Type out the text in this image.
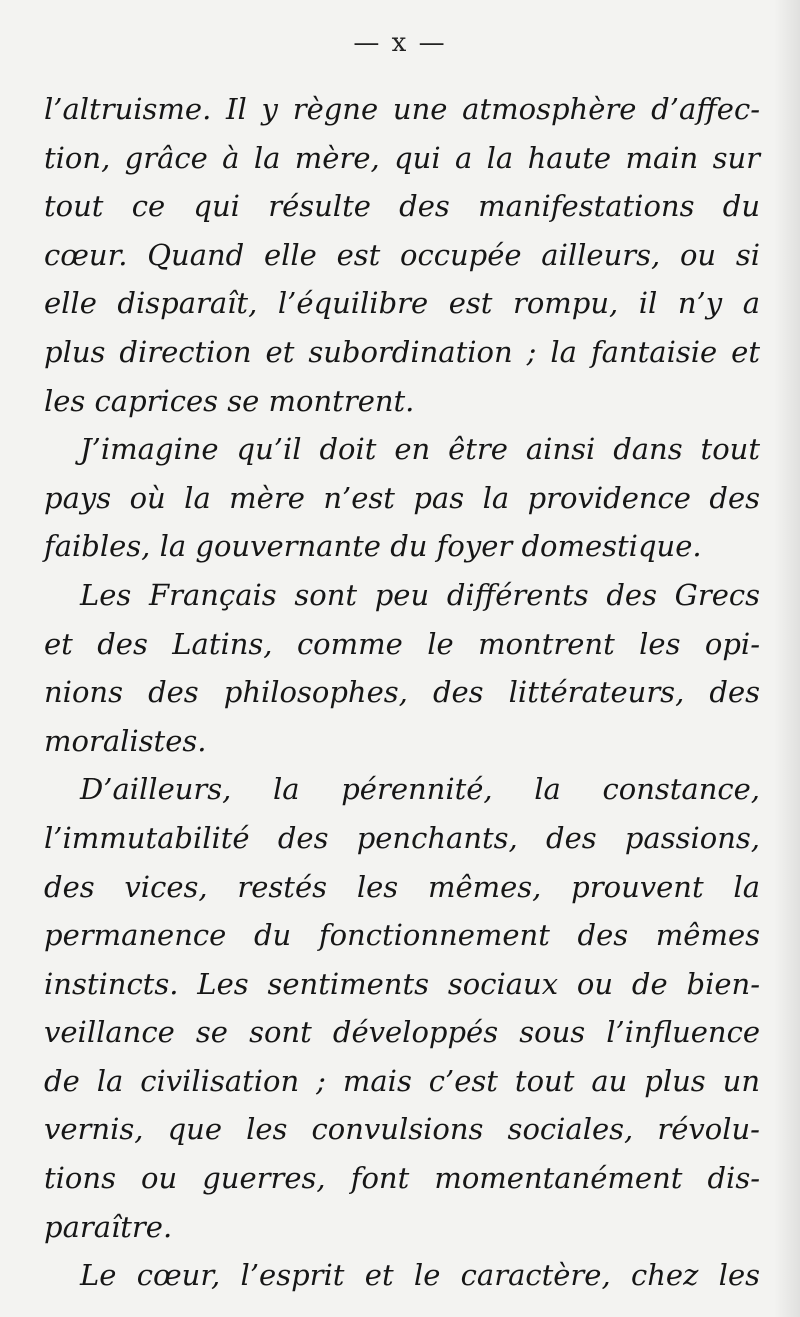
— x —
l’altruisme. Il y règne une atmosphère d’affec-
tion, grâce à la mère, qui a la haute main sur
tout ce qui résulte des manifestations du
cœur. Quand elle est occupée ailleurs, ou si
elle disparaît, l’équilibre est rompu, il n’y a
plus direction et subordination ; la fantaisie et
les caprices se montrent.
J’imagine qu’il doit en être ainsi dans tout
pays où la mère n’est pas la providence des
faibles, la gouvernante du foyer domestique.
Les Français sont peu différents des Grecs
et des Latins, comme le montrent les opi-
nions des philosophes, des littérateurs, des
moralistes.
D’ailleurs, la pérennité, la constance,
l’immutabilité des penchants, des passions,
des vices, restés les mêmes, prouvent la
permanence du fonctionnement des mêmes
instincts. Les sentiments sociaux ou de bien-
veillance se sont développés sous l’influence
de la civilisation ; mais c’est tout au plus un
vernis, que les convulsions sociales, révolu-
tions ou guerres, font momentanément dis-
paraître.
Le cœur, l’esprit et le caractère, chez les
